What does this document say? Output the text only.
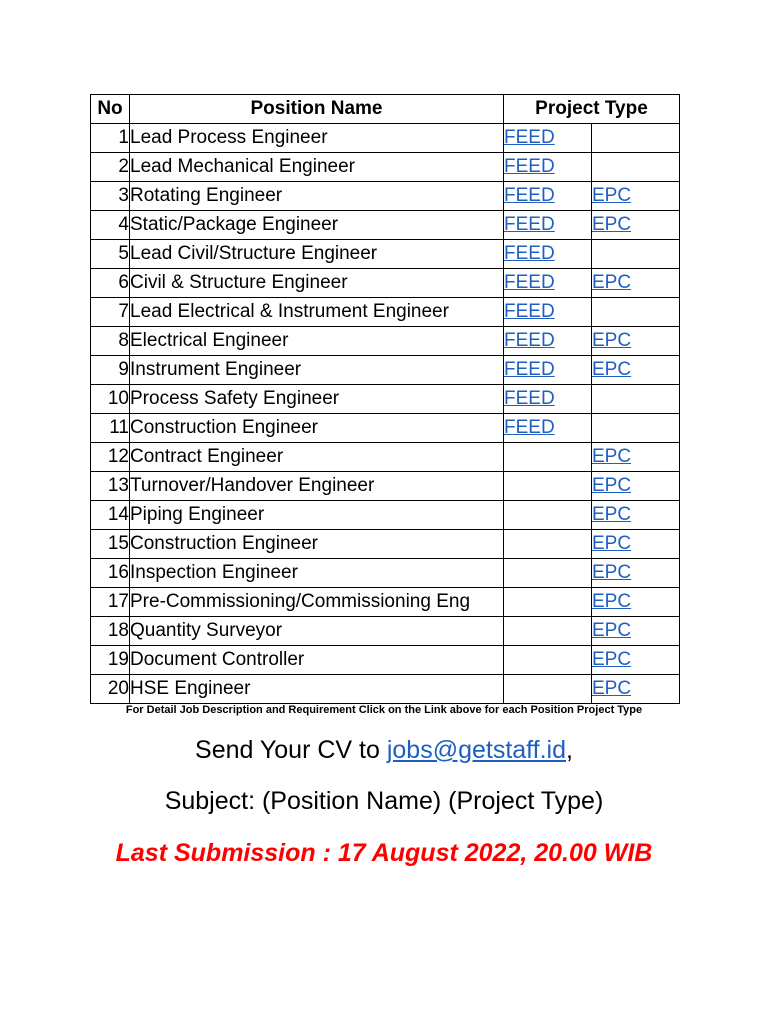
No	Position Name	Project Type	
1	Lead Process Engineer	FEED	
2	Lead Mechanical Engineer	FEED	
3	Rotating Engineer	FEED	EPC
4	Static/Package Engineer	FEED	EPC
5	Lead Civil/Structure Engineer	FEED	
6	Civil & Structure Engineer	FEED	EPC
7	Lead Electrical & Instrument Engineer	FEED	
8	Electrical Engineer	FEED	EPC
9	Instrument Engineer	FEED	EPC
10	Process Safety Engineer	FEED	
11	Construction Engineer	FEED	
12	Contract Engineer		EPC
13	Turnover/Handover Engineer		EPC
14	Piping Engineer		EPC
15	Construction Engineer		EPC
16	Inspection Engineer		EPC
17	Pre-Commissioning/Commissioning Eng		EPC
18	Quantity Surveyor		EPC
19	Document Controller		EPC
20	HSE Engineer		EPC
For Detail Job Description and Requirement Click on the Link above for each Position Project Type
Send Your CV to jobs@getstaff.id,
Subject: (Position Name) (Project Type)
Last Submission : 17 August 2022, 20.00 WIB
